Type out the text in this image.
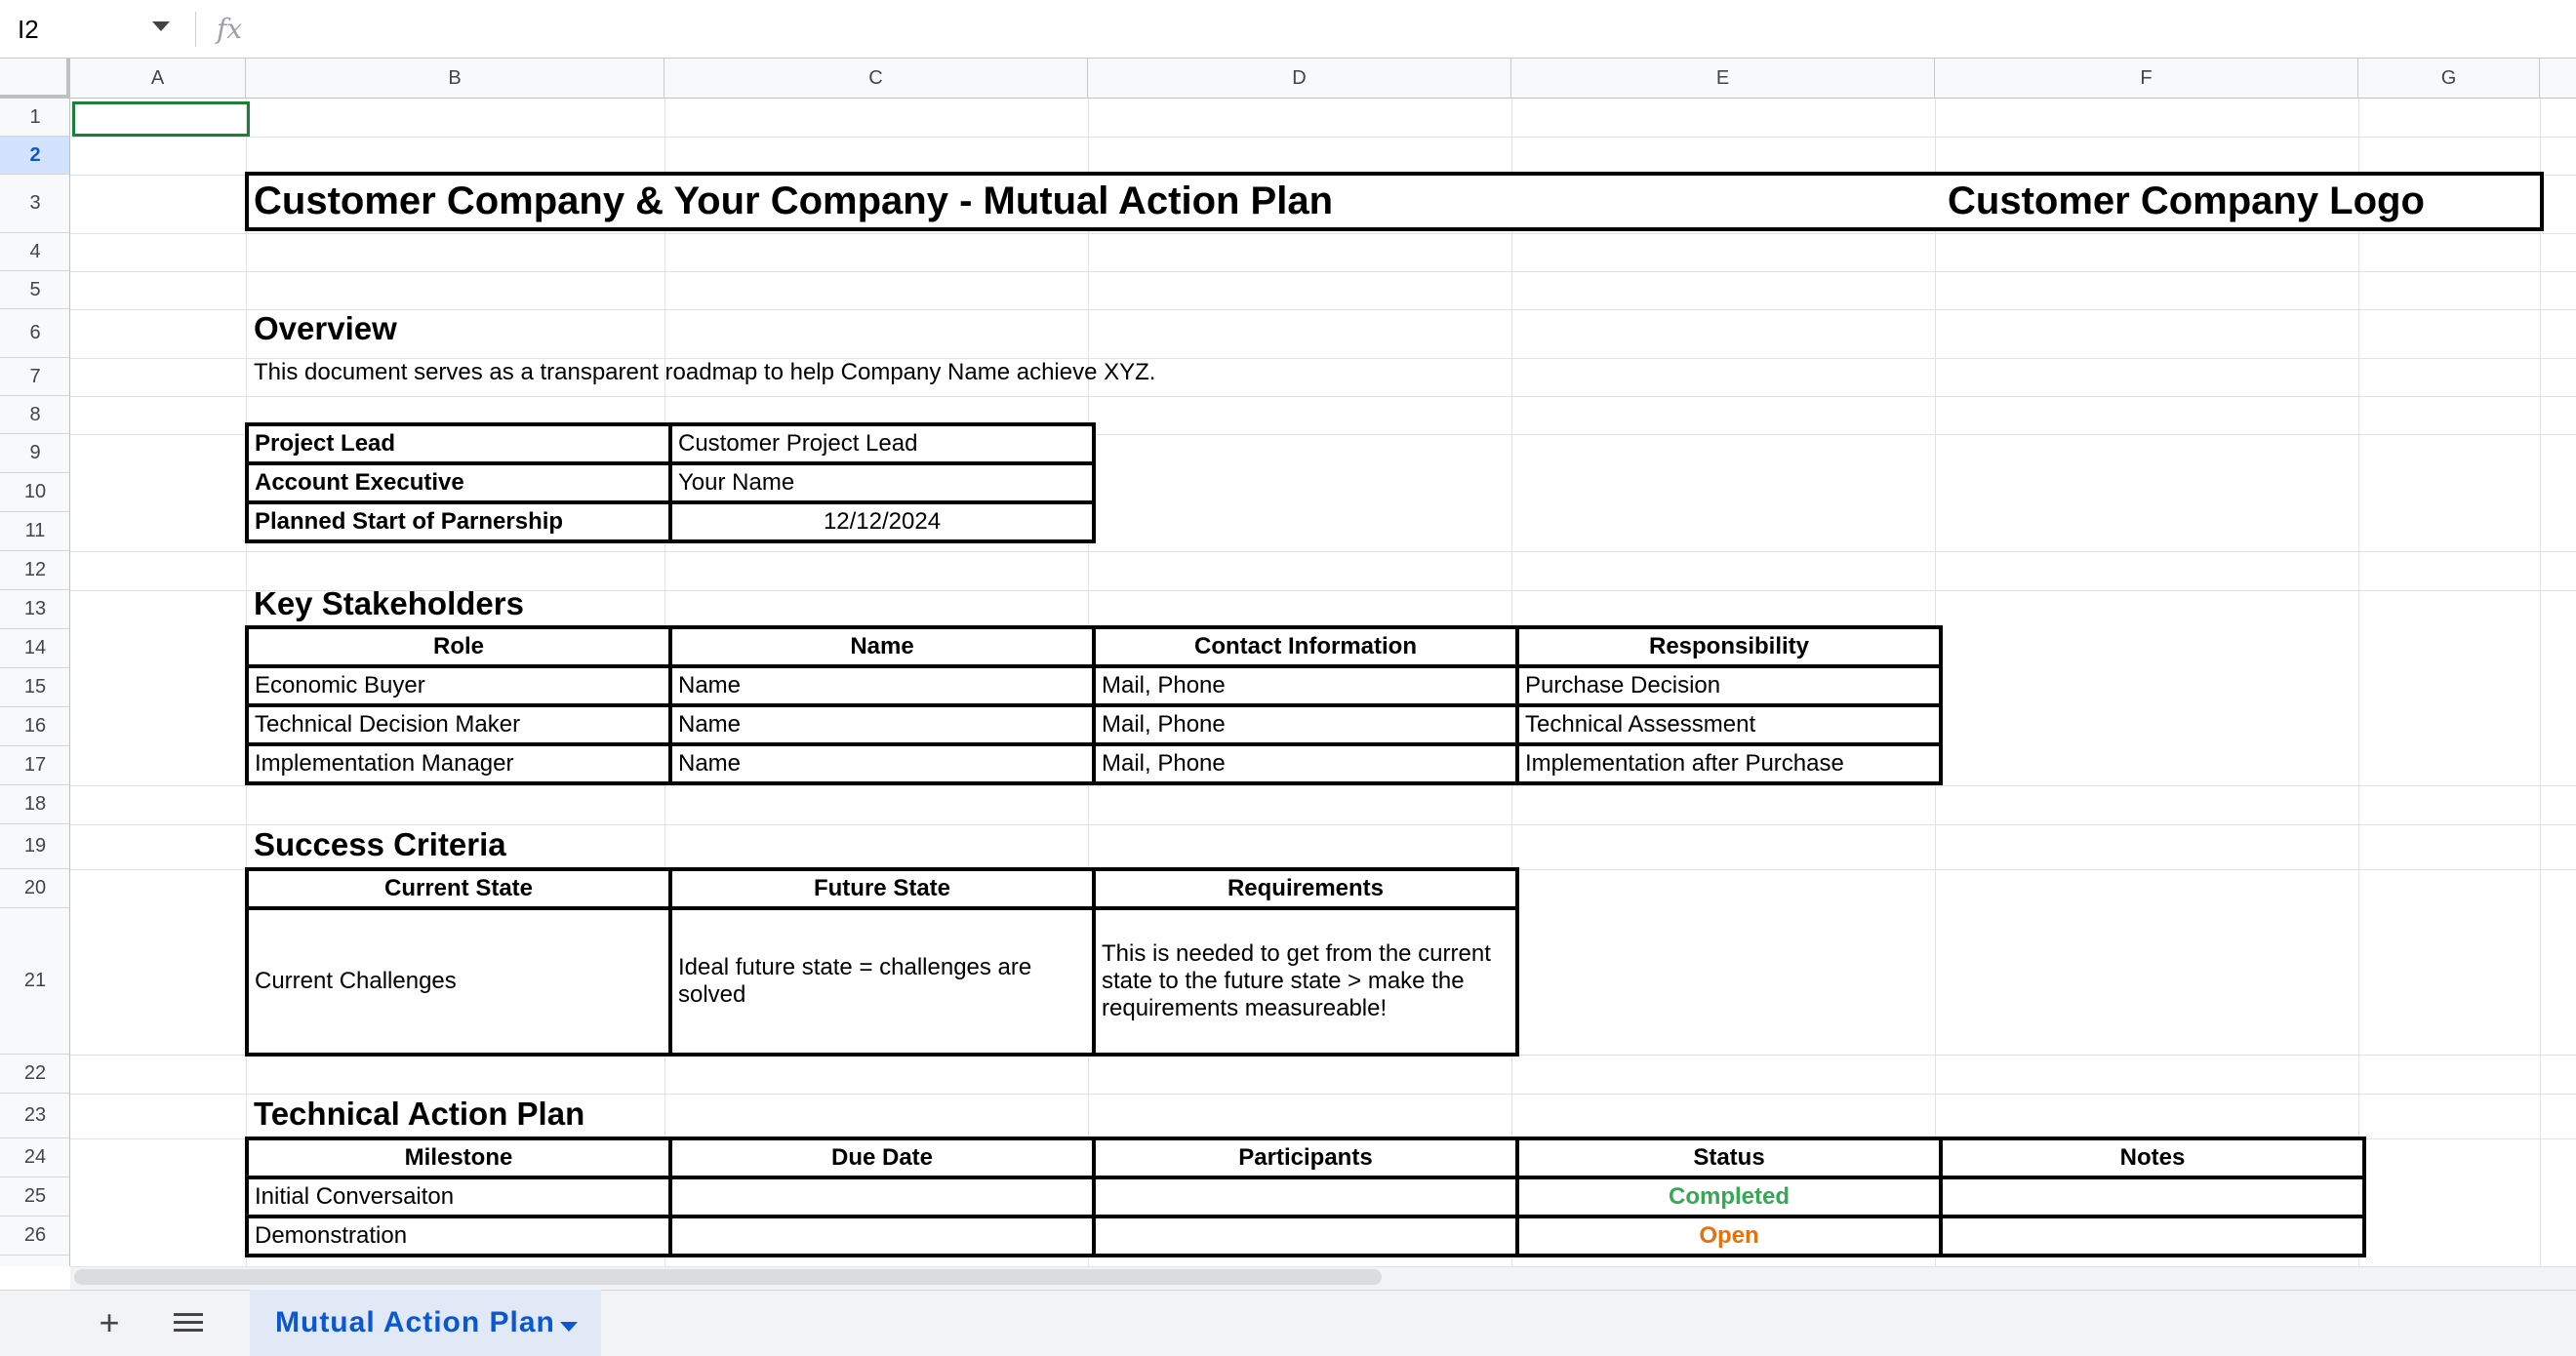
I2	fx
A	B	C	D	E	F	G
1
2
3
4
5
6
7
8
9
10
11
12
13
14
15
16
17
18
19
20
21
22
23
24
25
26
Customer Company & Your Company - Mutual Action Plan	Customer Company Logo
Overview
This document serves as a transparent roadmap to help Company Name achieve XYZ.
Project Lead	Customer Project Lead
Account Executive	Your Name
Planned Start of Parnership	12/12/2024
Key Stakeholders
Role	Name	Contact Information	Responsibility
Economic Buyer	Name	Mail, Phone	Purchase Decision
Technical Decision Maker	Name	Mail, Phone	Technical Assessment
Implementation Manager	Name	Mail, Phone	Implementation after Purchase
Success Criteria
Current State	Future State	Requirements
Current Challenges	Ideal future state = challenges are solved	This is needed to get from the current state to the future state > make the requirements measureable!
Technical Action Plan
Milestone	Due Date	Participants	Status	Notes
Initial Conversaiton			Completed	
Demonstration			Open	
+	Mutual Action Plan
